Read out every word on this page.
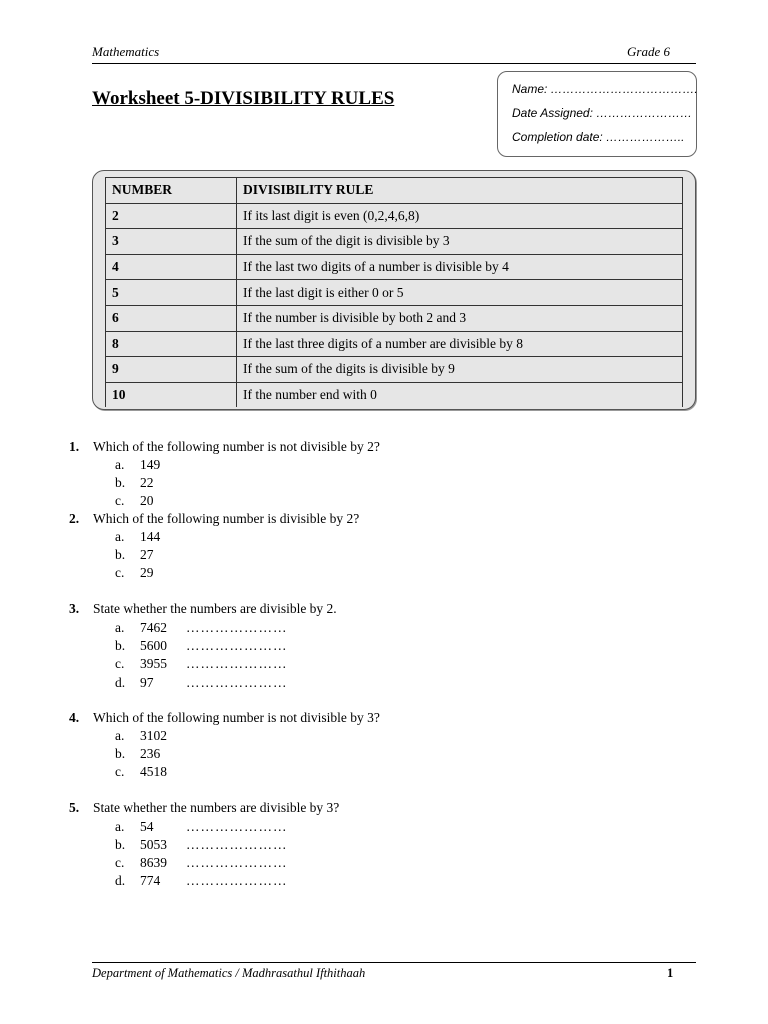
Mathematics	Grade 6
Worksheet 5-DIVISIBILITY RULES	Name: ……………………………….
Date Assigned: ……………………
Completion date: ………………..
NUMBER	DIVISIBILITY RULE
2	If its last digit is even (0,2,4,6,8)
3	If the sum of the digit is divisible by 3
4	If the last two digits of a number is divisible by 4
5	If the last digit is either 0 or 5
6	If the number is divisible by both 2 and 3
8	If the last three digits of a number are divisible by 8
9	If the sum of the digits is divisible by 9
10	If the number end with 0
1. Which of the following number is not divisible by 2?
a. 149
b. 22
c. 20
2. Which of the following number is divisible by 2?
a. 144
b. 27
c. 29
3. State whether the numbers are divisible by 2.
a. 7462 …………………
b. 5600 …………………
c. 3955 …………………
d. 97 …………………
4. Which of the following number is not divisible by 3?
a. 3102
b. 236
c. 4518
5. State whether the numbers are divisible by 3?
a. 54 …………………
b. 5053 …………………
c. 8639 …………………
d. 774 …………………
Department of Mathematics / Madhrasathul Ifthithaah	1
